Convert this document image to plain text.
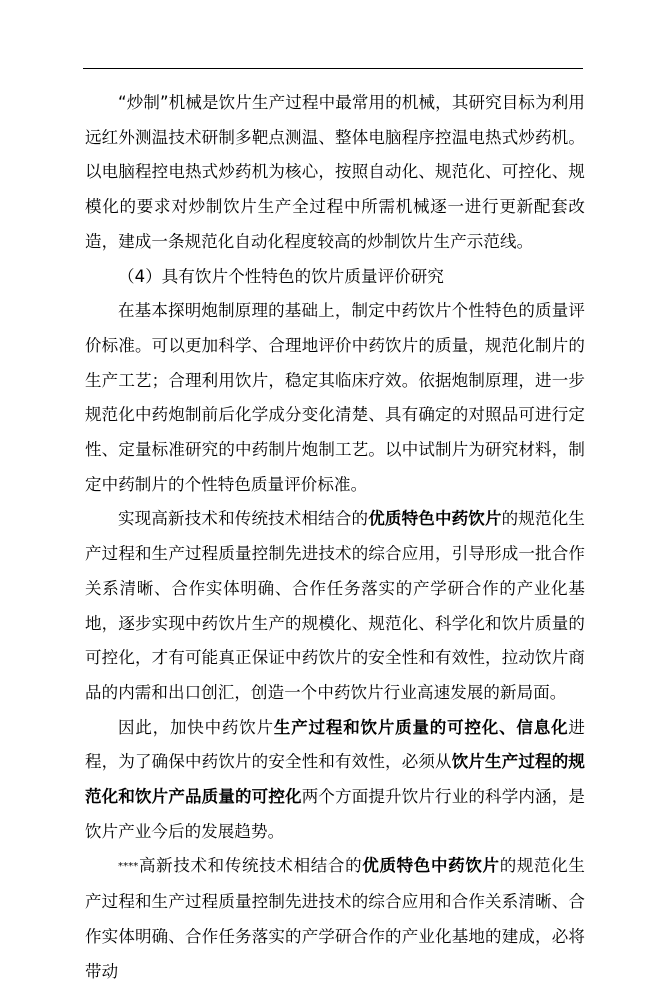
“炒制”机械是饮片生产过程中最常用的机械，其研究目标为利用远红外测温技术研制多靶点测温、整体电脑程序控温电热式炒药机。以电脑程控电热式炒药机为核心，按照自动化、规范化、可控化、规模化的要求对炒制饮片生产全过程中所需机械逐一进行更新配套改造，建成一条规范化自动化程度较高的炒制饮片生产示范线。

（4）具有饮片个性特色的饮片质量评价研究

在基本探明炮制原理的基础上，制定中药饮片个性特色的质量评价标准。可以更加科学、合理地评价中药饮片的质量，规范化制片的生产工艺；合理利用饮片，稳定其临床疗效。依据炮制原理，进一步规范化中药炮制前后化学成分变化清楚、具有确定的对照品可进行定性、定量标准研究的中药制片炮制工艺。以中试制片为研究材料，制定中药制片的个性特色质量评价标准。

实现高新技术和传统技术相结合的优质特色中药饮片的规范化生产过程和生产过程质量控制先进技术的综合应用，引导形成一批合作关系清晰、合作实体明确、合作任务落实的产学研合作的产业化基地，逐步实现中药饮片生产的规模化、规范化、科学化和饮片质量的可控化，才有可能真正保证中药饮片的安全性和有效性，拉动饮片商品的内需和出口创汇，创造一个中药饮片行业高速发展的新局面。

因此，加快中药饮片生产过程和饮片质量的可控化、信息化进程，为了确保中药饮片的安全性和有效性，必须从饮片生产过程的规范化和饮片产品质量的可控化两个方面提升饮片行业的科学内涵，是饮片产业今后的发展趋势。

****高新技术和传统技术相结合的优质特色中药饮片的规范化生产过程和生产过程质量控制先进技术的综合应用和合作关系清晰、合作实体明确、合作任务落实的产学研合作的产业化基地的建成，必将带动
